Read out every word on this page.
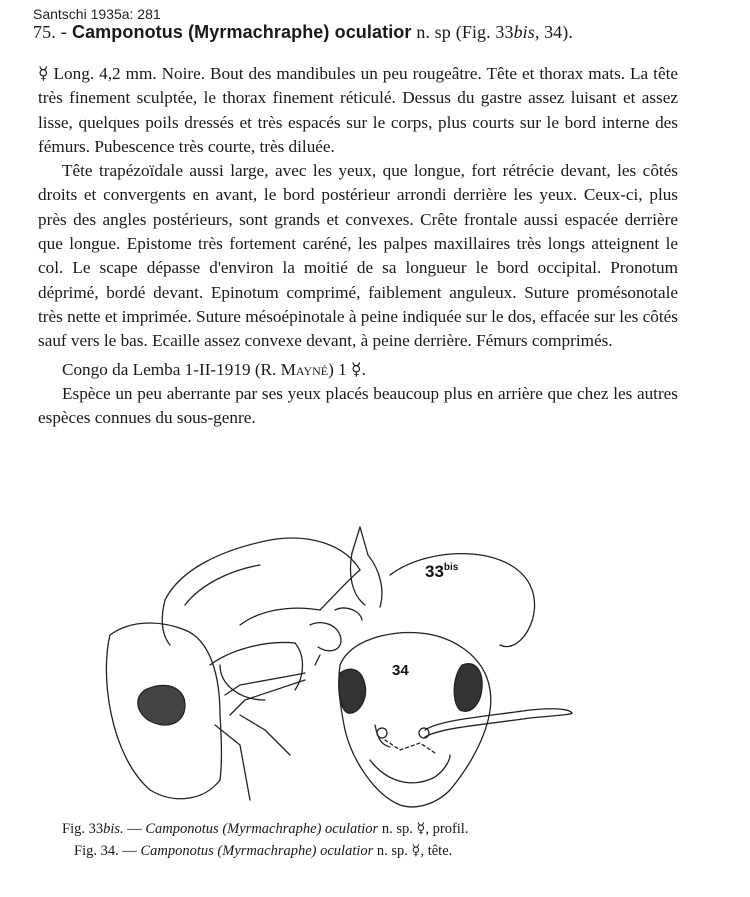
Santschi 1935a: 281
75. - Camponotus (Myrmachraphe) oculatior n. sp (Fig. 33bis, 34).

☿ Long. 4,2 mm. Noire. Bout des mandibules un peu rougeâtre. Tête et thorax mats. La tête très finement sculptée, le thorax finement réticulé. Dessus du gastre assez luisant et assez lisse, quelques poils dressés et très espacés sur le corps, plus courts sur le bord interne des fémurs. Pubescence très courte, très diluée.

Tête trapézoïdale aussi large, avec les yeux, que longue, fort rétrécie devant, les côtés droits et convergents en avant, le bord postérieur arrondi derrière les yeux. Ceux-ci, plus près des angles postérieurs, sont grands et convexes. Crête frontale aussi espacée derrière que longue. Epistome très fortement caréné, les palpes maxillaires très longs atteignent le col. Le scape dépasse d'environ la moitié de sa longueur le bord occipital. Pronotum déprimé, bordé devant. Epinotum comprimé, faiblement anguleux. Suture promésonotale très nette et imprimée. Suture mésoépinotale à peine indiquée sur le dos, effacée sur les côtés sauf vers le bas. Ecaille assez convexe devant, à peine derrière. Fémurs comprimés.

Congo da Lemba 1-II-1919 (R. Mayné) 1 ☿.

Espèce un peu aberrante par ses yeux placés beaucoup plus en arrière que chez les autres espèces connues du sous-genre.

$33^{bis}$
34
Fig. 33bis. — Camponotus (Myrmachraphe) oculatior n. sp. ☿, profil.
Fig. 34. — Camponotus (Myrmachraphe) oculatior n. sp. ☿, tête.
